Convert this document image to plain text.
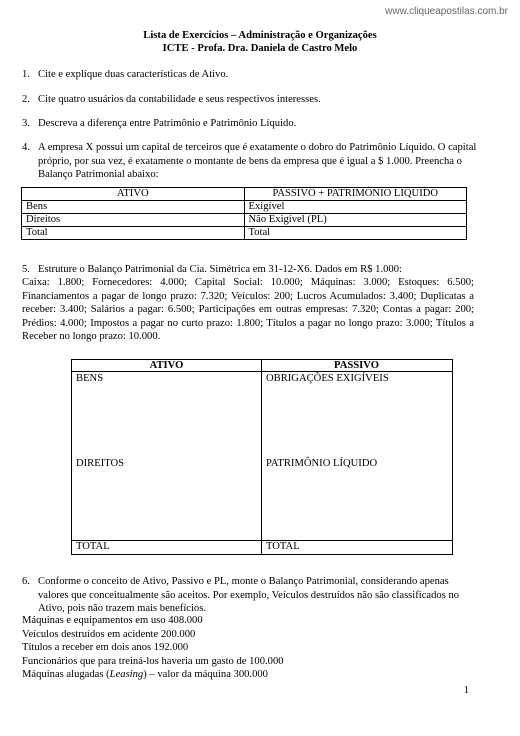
www.cliqueapostilas.com.br
Lista de Exercícios – Administração e Organizações
ICTE - Profa. Dra. Daniela de Castro Melo
1. Cite e explique duas características de Ativo.
2. Cite quatro usuários da contabilidade e seus respectivos interesses.
3. Descreva a diferença entre Patrimônio e Patrimônio Líquido.
4. A empresa X possui um capital de terceiros que é exatamente o dobro do Patrimônio Líquido. O capital próprio, por sua vez, é exatamente o montante de bens da empresa que é igual a $ 1.000. Preencha o Balanço Patrimonial abaixo:
ATIVO	PASSIVO + PATRIMÔNIO LÍQUIDO
Bens	Exigível
Direitos	Não Exigível (PL)
Total	Total
5. Estruture o Balanço Patrimonial da Cia. Simétrica em 31-12-X6. Dados em R$ 1.000:
Caixa: 1.800; Fornecedores: 4.000; Capital Social: 10.000; Máquinas: 3.000; Estoques: 6.500; Financiamentos a pagar de longo prazo: 7.320; Veículos: 200; Lucros Acumulados: 3.400; Duplicatas a receber: 3.400; Salários a pagar: 6.500; Participações em outras empresas: 7.320; Contas a pagar: 200; Prédios: 4.000; Impostos a pagar no curto prazo: 1.800; Títulos a pagar no longo prazo: 3.000; Títulos a Receber no longo prazo: 10.000.
ATIVO	PASSIVO
BENS	OBRIGAÇÕES EXIGÍVEIS
DIREITOS	PATRIMÔNIO LÍQUIDO
TOTAL	TOTAL
6. Conforme o conceito de Ativo, Passivo e PL, monte o Balanço Patrimonial, considerando apenas valores que conceitualmente são aceitos. Por exemplo, Veículos destruídos não são classificados no Ativo, pois não trazem mais benefícios.
Máquinas e equipamentos em uso 408.000
Veículos destruídos em acidente 200.000
Títulos a receber em dois anos 192.000
Funcionários que para treiná-los haveria um gasto de 100.000
Máquinas alugadas (Leasing) – valor da máquina 300.000
1
